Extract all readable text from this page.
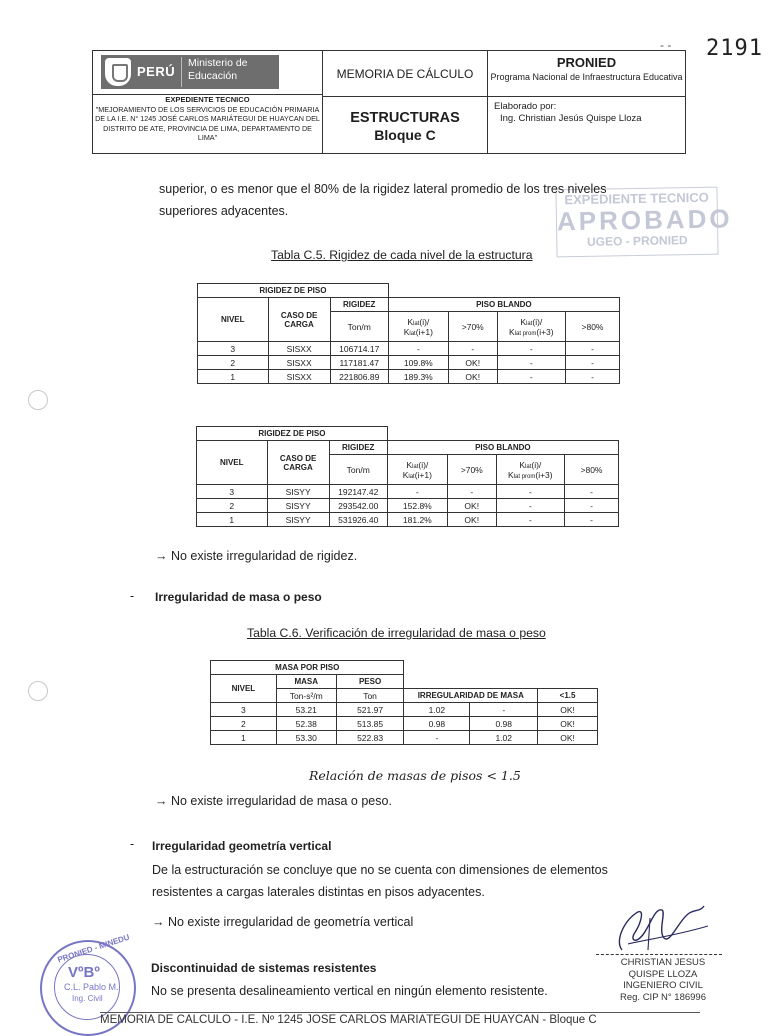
- - 2191
PERÚ
Ministerio de Educación
EXPEDIENTE TECNICO
"MEJORAMIENTO DE LOS SERVICIOS DE EDUCACIÓN PRIMARIA DE LA I.E. N° 1245 JOSÉ CARLOS MARIÁTEGUI DE HUAYCAN DEL DISTRITO DE ATE, PROVINCIA DE LIMA, DEPARTAMENTO DE LIMA"
MEMORIA DE CÁLCULO
ESTRUCTURAS
Bloque C
PRONIED
Programa Nacional de Infraestructura Educativa
Elaborado por:
Ing. Christian Jesús Quispe Lloza
EXPEDIENTE TECNICO
APROBADO
UGEO - PRONIED
superior, o es menor que el 80% de la rigidez lateral promedio de los tres niveles
superiores adyacentes.
Tabla C.5. Rigidez de cada nivel de la estructura
RIGIDEZ DE PISO						
NIVEL	CASO DE CARGA	RIGIDEZ	PISO BLANDO			
		Ton/m	Klat(i)/
Klat(i+1)	>70%	Klat(i)/
Klat prom(i+3)	>80%
3	SISXX	106714.17	-	-	-	-
2	SISXX	117181.47	109.8%	OK!	-	-
1	SISXX	221806.89	189.3%	OK!	-	-
RIGIDEZ DE PISO						
NIVEL	CASO DE CARGA	RIGIDEZ	PISO BLANDO			
		Ton/m	Klat(i)/
Klat(i+1)	>70%	Klat(i)/
Klat prom(i+3)	>80%
3	SISYY	192147.42	-	-	-	-
2	SISYY	293542.00	152.8%	OK!	-	-
1	SISYY	531926.40	181.2%	OK!	-	-
→ No existe irregularidad de rigidez.
- Irregularidad de masa o peso
Tabla C.6. Verificación de irregularidad de masa o peso
MASA POR PISO					
NIVEL	MASA	PESO			
	Ton-s²/m	Ton	IRREGULARIDAD DE MASA		<1.5
3	53.21	521.97	1.02	-	OK!
2	52.38	513.85	0.98	0.98	OK!
1	53.30	522.83	-	1.02	OK!
Relación de masas de pisos < 1.5
→ No existe irregularidad de masa o peso.
- Irregularidad geometría vertical
De la estructuración se concluye que no se cuenta con dimensiones de elementos
resistentes a cargas laterales distintas en pisos adyacentes.
→ No existe irregularidad de geometría vertical
Discontinuidad de sistemas resistentes
No se presenta desalineamiento vertical en ningún elemento resistente.
CHRISTIAN JESUS
QUISPE LLOZA
INGENIERO CIVIL
Reg. CIP N° 186996
PRONIED - MINEDU
VºBº
C.L. Pablo M.
Ing. Civil
MEMORIA DE CÁLCULO - I.E. Nº 1245 JOSÉ CARLOS MARIÁTEGUI DE HUAYCÁN - Bloque C
